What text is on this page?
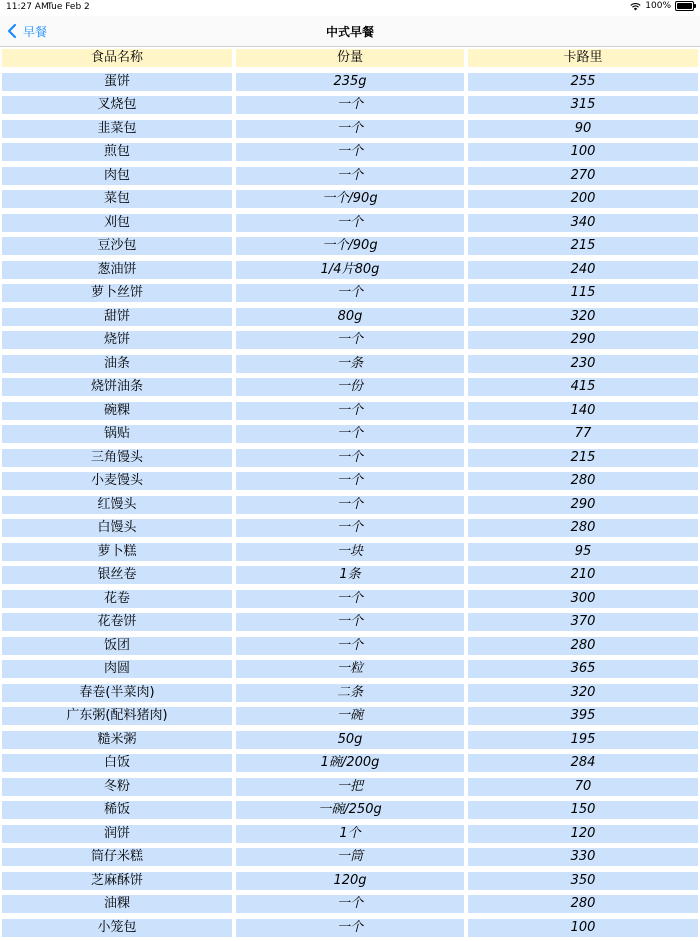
11:27 AM
Tue Feb 2	100%
早餐	中式早餐
食品名称	份量	卡路里
蛋饼	235g	255
叉烧包	一个	315
韭菜包	一个	90
煎包	一个	100
肉包	一个	270
菜包	一个/90g	200
刈包	一个	340
豆沙包	一个/90g	215
葱油饼	1/4片80g	240
萝卜丝饼	一个	115
甜饼	80g	320
烧饼	一个	290
油条	一条	230
烧饼油条	一份	415
碗粿	一个	140
锅贴	一个	77
三角馒头	一个	215
小麦馒头	一个	280
红馒头	一个	290
白馒头	一个	280
萝卜糕	一块	95
银丝卷	1条	210
花卷	一个	300
花卷饼	一个	370
饭团	一个	280
肉圆	一粒	365
春卷(半菜肉)	二条	320
广东粥(配料猪肉)	一碗	395
糙米粥	50g	195
白饭	1碗/200g	284
冬粉	一把	70
稀饭	一碗/250g	150
润饼	1个	120
筒仔米糕	一筒	330
芝麻酥饼	120g	350
油粿	一个	280
小笼包	一个	100
